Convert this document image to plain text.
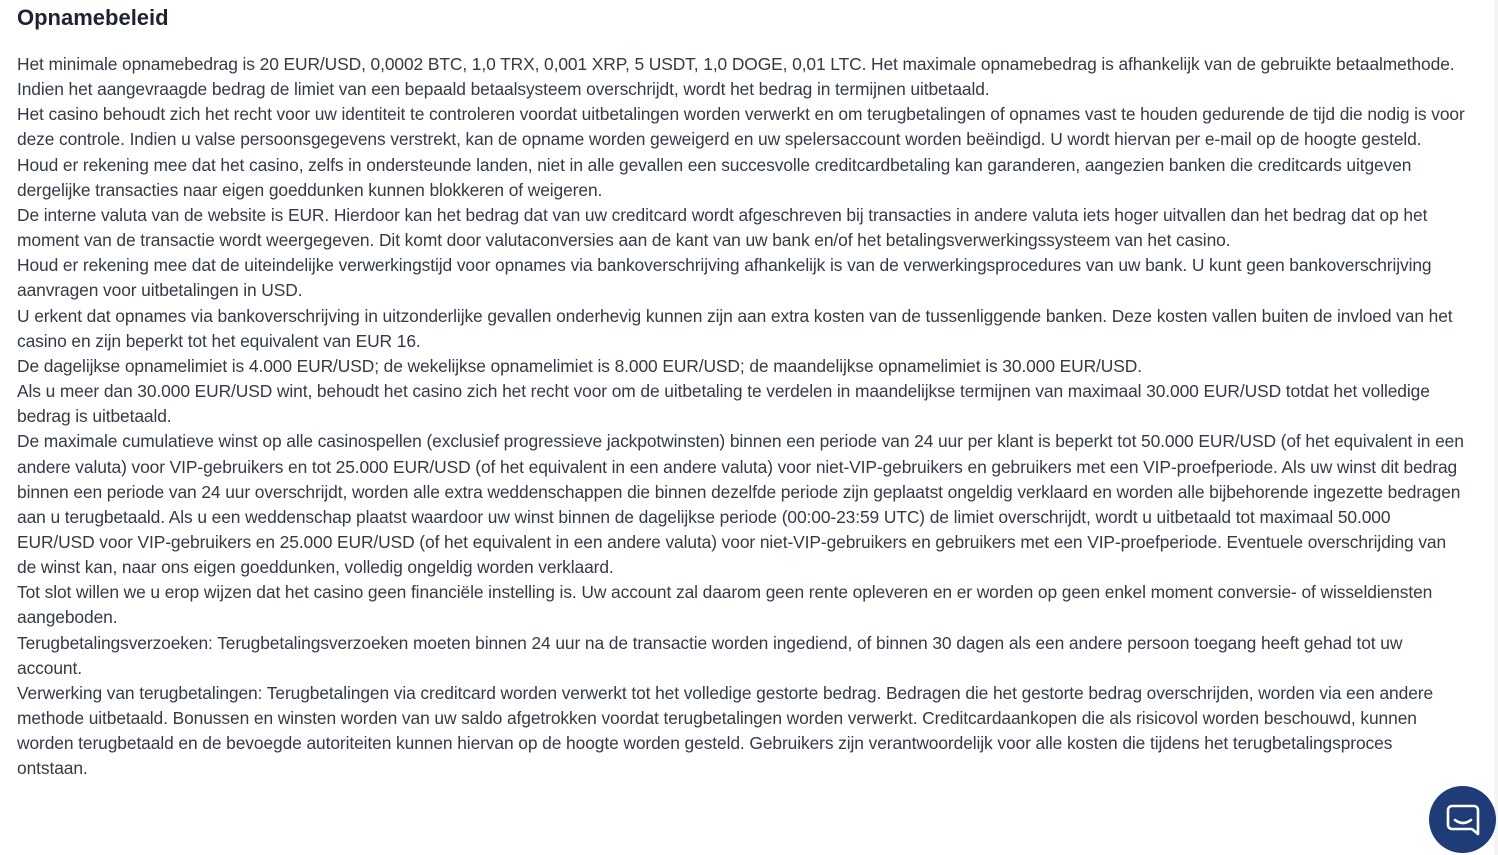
Opnamebeleid

Het minimale opnamebedrag is 20 EUR/USD, 0,0002 BTC, 1,0 TRX, 0,001 XRP, 5 USDT, 1,0 DOGE, 0,01 LTC. Het maximale opnamebedrag is afhankelijk van de gebruikte betaalmethode. Indien het aangevraagde bedrag de limiet van een bepaald betaalsysteem overschrijdt, wordt het bedrag in termijnen uitbetaald.

Het casino behoudt zich het recht voor uw identiteit te controleren voordat uitbetalingen worden verwerkt en om terugbetalingen of opnames vast te houden gedurende de tijd die nodig is voor deze controle. Indien u valse persoonsgegevens verstrekt, kan de opname worden geweigerd en uw spelersaccount worden beëindigd. U wordt hiervan per e-mail op de hoogte gesteld.

Houd er rekening mee dat het casino, zelfs in ondersteunde landen, niet in alle gevallen een succesvolle creditcardbetaling kan garanderen, aangezien banken die creditcards uitgeven dergelijke transacties naar eigen goeddunken kunnen blokkeren of weigeren.

De interne valuta van de website is EUR. Hierdoor kan het bedrag dat van uw creditcard wordt afgeschreven bij transacties in andere valuta iets hoger uitvallen dan het bedrag dat op het moment van de transactie wordt weergegeven. Dit komt door valutaconversies aan de kant van uw bank en/of het betalingsverwerkingssysteem van het casino.

Houd er rekening mee dat de uiteindelijke verwerkingstijd voor opnames via bankoverschrijving afhankelijk is van de verwerkingsprocedures van uw bank. U kunt geen bankoverschrijving aanvragen voor uitbetalingen in USD.

U erkent dat opnames via bankoverschrijving in uitzonderlijke gevallen onderhevig kunnen zijn aan extra kosten van de tussenliggende banken. Deze kosten vallen buiten de invloed van het casino en zijn beperkt tot het equivalent van EUR 16.

De dagelijkse opnamelimiet is 4.000 EUR/USD; de wekelijkse opnamelimiet is 8.000 EUR/USD; de maandelijkse opnamelimiet is 30.000 EUR/USD.

Als u meer dan 30.000 EUR/USD wint, behoudt het casino zich het recht voor om de uitbetaling te verdelen in maandelijkse termijnen van maximaal 30.000 EUR/USD totdat het volledige bedrag is uitbetaald.

De maximale cumulatieve winst op alle casinospellen (exclusief progressieve jackpotwinsten) binnen een periode van 24 uur per klant is beperkt tot 50.000 EUR/USD (of het equivalent in een andere valuta) voor VIP-gebruikers en tot 25.000 EUR/USD (of het equivalent in een andere valuta) voor niet-VIP-gebruikers en gebruikers met een VIP-proefperiode. Als uw winst dit bedrag binnen een periode van 24 uur overschrijdt, worden alle extra weddenschappen die binnen dezelfde periode zijn geplaatst ongeldig verklaard en worden alle bijbehorende ingezette bedragen aan u terugbetaald. Als u een weddenschap plaatst waardoor uw winst binnen de dagelijkse periode (00:00-23:59 UTC) de limiet overschrijdt, wordt u uitbetaald tot maximaal 50.000 EUR/USD voor VIP-gebruikers en 25.000 EUR/USD (of het equivalent in een andere valuta) voor niet-VIP-gebruikers en gebruikers met een VIP-proefperiode. Eventuele overschrijding van de winst kan, naar ons eigen goeddunken, volledig ongeldig worden verklaard.

Tot slot willen we u erop wijzen dat het casino geen financiële instelling is. Uw account zal daarom geen rente opleveren en er worden op geen enkel moment conversie- of wisseldiensten aangeboden.

Terugbetalingsverzoeken: Terugbetalingsverzoeken moeten binnen 24 uur na de transactie worden ingediend, of binnen 30 dagen als een andere persoon toegang heeft gehad tot uw account.

Verwerking van terugbetalingen: Terugbetalingen via creditcard worden verwerkt tot het volledige gestorte bedrag. Bedragen die het gestorte bedrag overschrijden, worden via een andere methode uitbetaald. Bonussen en winsten worden van uw saldo afgetrokken voordat terugbetalingen worden verwerkt. Creditcardaankopen die als risicovol worden beschouwd, kunnen worden terugbetaald en de bevoegde autoriteiten kunnen hiervan op de hoogte worden gesteld. Gebruikers zijn verantwoordelijk voor alle kosten die tijdens het terugbetalingsproces ontstaan.
